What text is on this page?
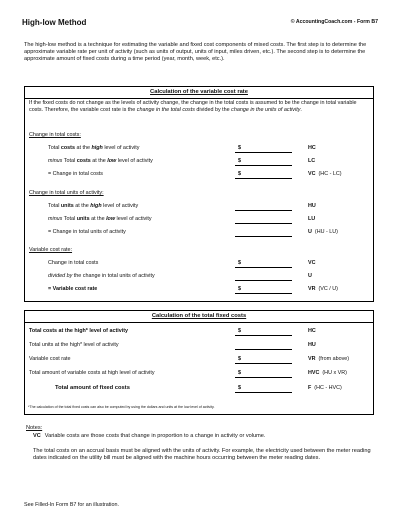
High-low Method	© AccountingCoach.com - Form B7

The high-low method is a technique for estimating the variable and fixed cost components of mixed costs. The first step is to determine the approximate variable rate per unit of activity (such as units of output, units of input, miles driven, etc.). The second step is to determine the approximate amount of fixed costs during a time period (year, month, week, etc.).

Calculation of the variable cost rate

If the fixed costs do not change as the levels of activity change, the change in the total costs is assumed to be the change in total variable costs. Therefore, the variable cost rate is the change in the total costs divided by the change in the units of activity.

Change in total costs:
Total costs at the high level of activity	$	HC
minus Total costs at the low level of activity	$	LC
= Change in total costs	$	VC (HC - LC)
Change in total units of activity:
Total units at the high level of activity	HU
minus Total units at the low level of activity	LU
= Change in total units of activity	U (HU - LU)
Variable cost rate:
Change in total costs	$	VC
divided by the change in total units of activity	U
= Variable cost rate	$	VR (VC / U)
Calculation of the total fixed costs
Total costs at the high* level of activity	$	HC
Total units at the high* level of activity	HU
Variable cost rate	$	VR (from above)
Total amount of variable costs at high level of activity	$	HVC (HU x VR)
Total amount of fixed costs	$	F (HC - HVC)
*The calculation of the total fixed costs can also be computed by using the dollars and units at the low level of activity.
Notes:
VC Variable costs are those costs that change in proportion to a change in activity or volume.

The total costs on an accrual basis must be aligned with the units of activity. For example, the electricity used between the meter reading dates indicated on the utility bill must be aligned with the machine hours occurring between the meter reading dates.

See Filled-In Form B7 for an illustration.
